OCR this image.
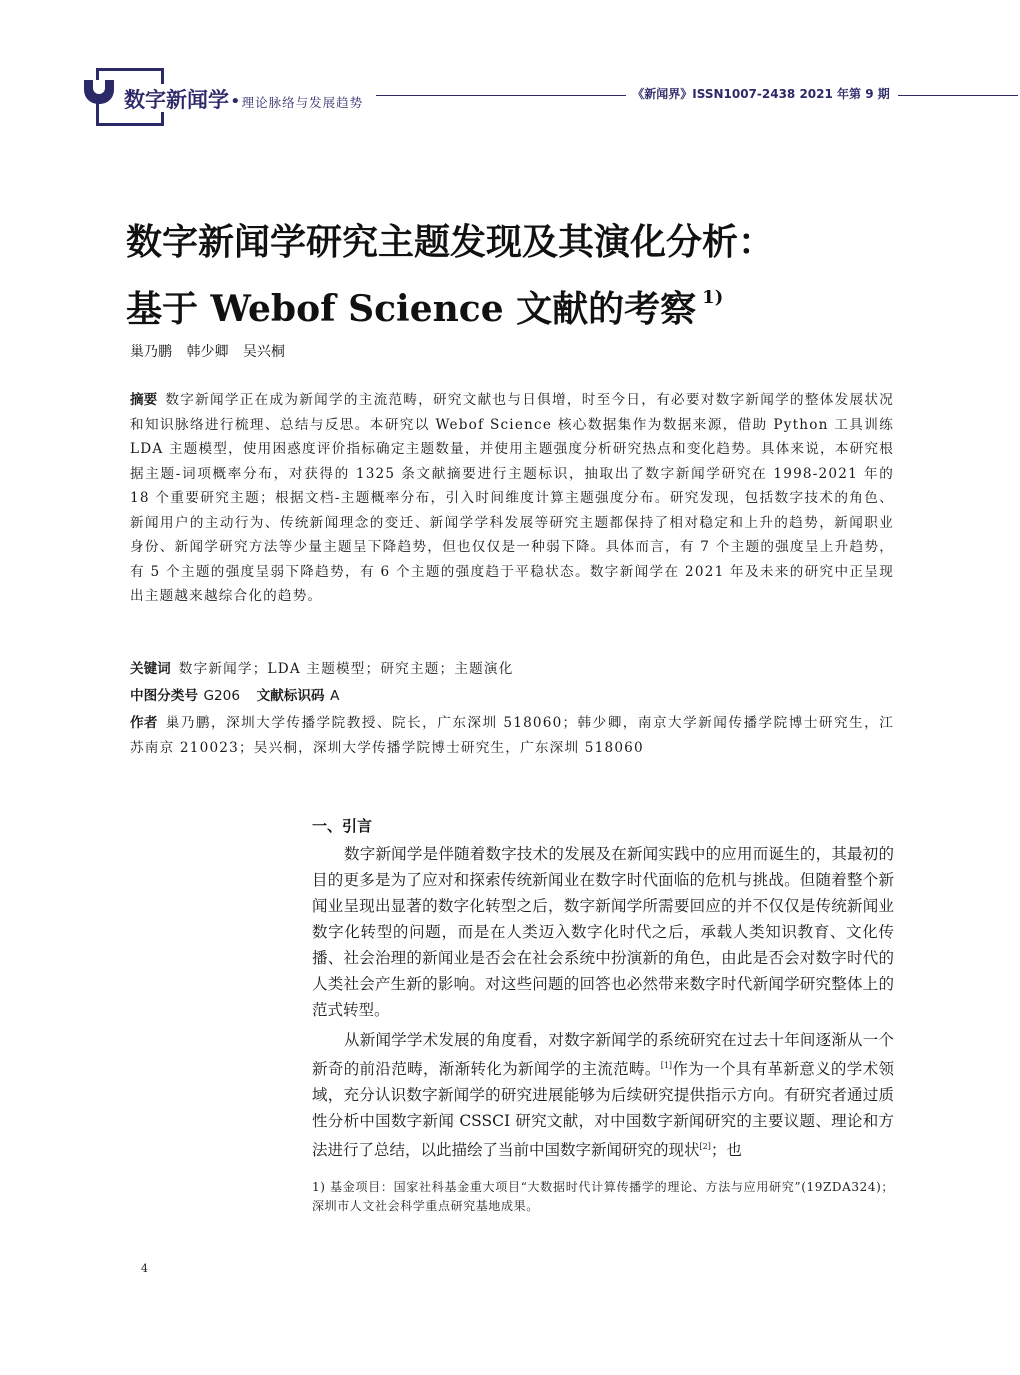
数字新闻学 • 理论脉络与发展趋势
《新闻界》ISSN1007-2438 2021 年第 9 期
数字新闻学研究主题发现及其演化分析：
基于 Webof Science 文献的考察 $^{1)}$
巢乃鹏 韩少卿 吴兴桐

摘要 数字新闻学正在成为新闻学的主流范畴，研究文献也与日俱增，时至今日，有必要对数字新闻学的整体发展状况和知识脉络进行梳理、总结与反思。本研究以 Webof Science 核心数据集作为数据来源，借助 Python 工具训练 LDA 主题模型，使用困惑度评价指标确定主题数量，并使用主题强度分析研究热点和变化趋势。具体来说，本研究根据主题-词项概率分布，对获得的 1325 条文献摘要进行主题标识，抽取出了数字新闻学研究在 1998-2021 年的 18 个重要研究主题；根据文档-主题概率分布，引入时间维度计算主题强度分布。研究发现，包括数字技术的角色、新闻用户的主动行为、传统新闻理念的变迁、新闻学学科发展等研究主题都保持了相对稳定和上升的趋势，新闻职业身份、新闻学研究方法等少量主题呈下降趋势，但也仅仅是一种弱下降。具体而言，有 7 个主题的强度呈上升趋势，有 5 个主题的强度呈弱下降趋势，有 6 个主题的强度趋于平稳状态。数字新闻学在 2021 年及未来的研究中正呈现出主题越来越综合化的趋势。

关键词 数字新闻学；LDA 主题模型；研究主题；主题演化

中图分类号 G206 文献标识码 A

作者 巢乃鹏，深圳大学传播学院教授、院长，广东深圳 518060；韩少卿，南京大学新闻传播学院博士研究生，江苏南京 210023；吴兴桐，深圳大学传播学院博士研究生，广东深圳 518060

一、引言

数字新闻学是伴随着数字技术的发展及在新闻实践中的应用而诞生的，其最初的目的更多是为了应对和探索传统新闻业在数字时代面临的危机与挑战。但随着整个新闻业呈现出显著的数字化转型之后，数字新闻学所需要回应的并不仅仅是传统新闻业数字化转型的问题，而是在人类迈入数字化时代之后，承载人类知识教育、文化传播、社会治理的新闻业是否会在社会系统中扮演新的角色，由此是否会对数字时代的人类社会产生新的影响。对这些问题的回答也必然带来数字时代新闻学研究整体上的范式转型。

从新闻学学术发展的角度看，对数字新闻学的系统研究在过去十年间逐渐从一个新奇的前沿范畴，渐渐转化为新闻学的主流范畴。[1]作为一个具有革新意义的学术领域，充分认识数字新闻学的研究进展能够为后续研究提供指示方向。有研究者通过质性分析中国数字新闻 CSSCI 研究文献，对中国数字新闻研究的主要议题、理论和方法进行了总结，以此描绘了当前中国数字新闻研究的现状[2]；也

1) 基金项目：国家社科基金重大项目“大数据时代计算传播学的理论、方法与应用研究”(19ZDA324)；深圳市人文社会科学重点研究基地成果。

4
